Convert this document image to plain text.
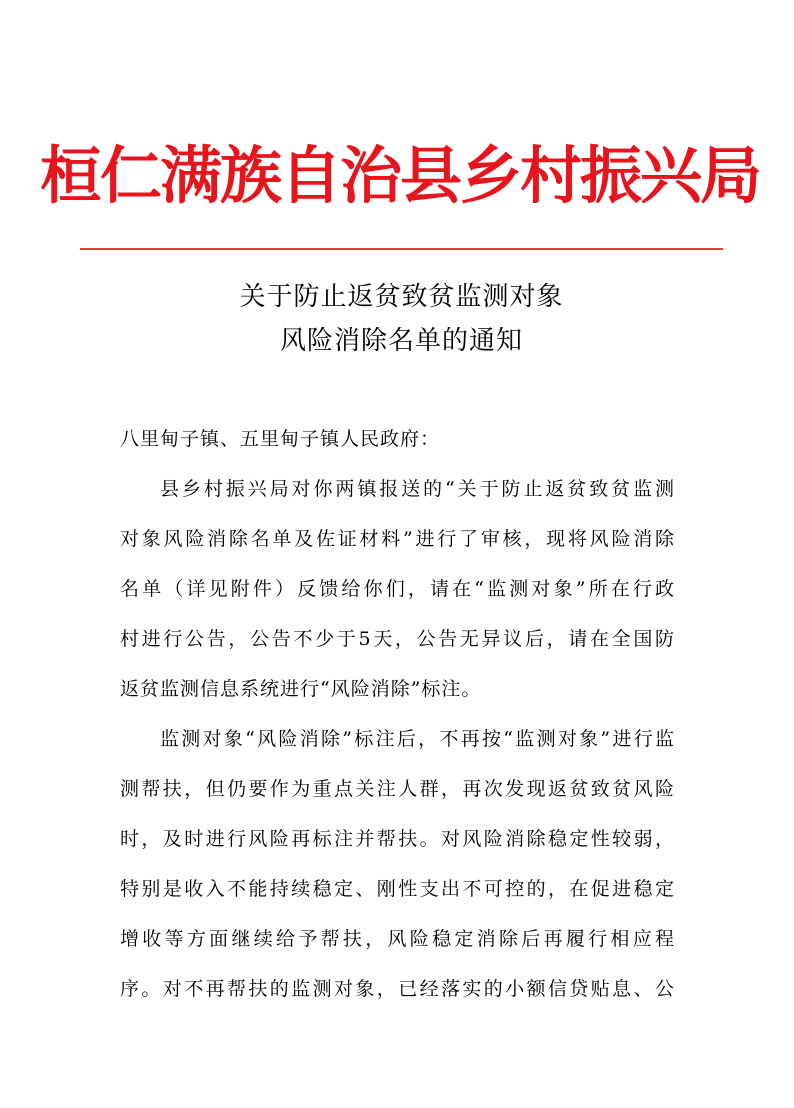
桓仁满族自治县乡村振兴局
关于防止返贫致贫监测对象
风险消除名单的通知
八里甸子镇、五里甸子镇人民政府：
县乡村振兴局对你两镇报送的“关于防止返贫致贫监测
对象风险消除名单及佐证材料”进行了审核，现将风险消除
名单（详见附件）反馈给你们，请在“监测对象”所在行政
村进行公告，公告不少于5天，公告无异议后，请在全国防
返贫监测信息系统进行“风险消除”标注。
监测对象“风险消除”标注后，不再按“监测对象”进行监
测帮扶，但仍要作为重点关注人群，再次发现返贫致贫风险
时，及时进行风险再标注并帮扶。对风险消除稳定性较弱，
特别是收入不能持续稳定、刚性支出不可控的，在促进稳定
增收等方面继续给予帮扶，风险稳定消除后再履行相应程
序。对不再帮扶的监测对象，已经落实的小额信贷贴息、公
